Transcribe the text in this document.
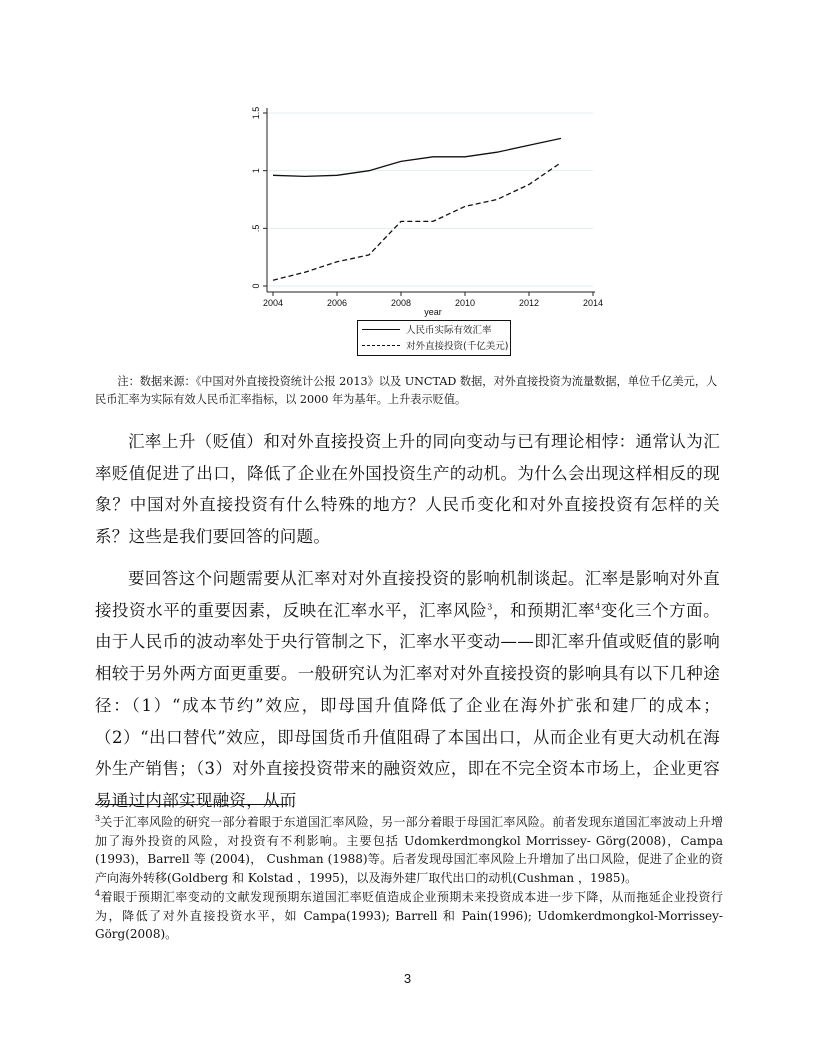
0
.5
1
1.5
2004	2006	2008	2010	2012	2014
year
人民币实际有效汇率
对外直接投资(千亿美元)
注：数据来源：《中国对外直接投资统计公报 2013》以及 UNCTAD 数据，对外直接投资为流量数据，单位千亿美元，人民币汇率为实际有效人民币汇率指标，以 2000 年为基年。上升表示贬值。
汇率上升（贬值）和对外直接投资上升的同向变动与已有理论相悖：通常认为汇率贬值促进了出口，降低了企业在外国投资生产的动机。为什么会出现这样相反的现象？中国对外直接投资有什么特殊的地方？人民币变化和对外直接投资有怎样的关系？这些是我们要回答的问题。
要回答这个问题需要从汇率对对外直接投资的影响机制谈起。汇率是影响对外直接投资水平的重要因素，反映在汇率水平，汇率风险$^3$，和预期汇率$^4$变化三个方面。由于人民币的波动率处于央行管制之下，汇率水平变动——即汇率升值或贬值的影响相较于另外两方面更重要。一般研究认为汇率对对外直接投资的影响具有以下几种途径：（1）“成本节约”效应，即母国升值降低了企业在海外扩张和建厂的成本；（2）“出口替代”效应，即母国货币升值阻碍了本国出口，从而企业有更大动机在海外生产销售；（3）对外直接投资带来的融资效应，即在不完全资本市场上，企业更容易通过内部实现融资，从而
$^3$关于汇率风险的研究一部分着眼于东道国汇率风险，另一部分着眼于母国汇率风险。前者发现东道国汇率波动上升增加了海外投资的风险，对投资有不利影响。主要包括 Udomkerdmongkol Morrissey- Görg(2008)，Campa (1993)，Barrell 等 (2004)， Cushman (1988)等。后者发现母国汇率风险上升增加了出口风险，促进了企业的资产向海外转移(Goldberg 和 Kolstad ，1995)，以及海外建厂取代出口的动机(Cushman ，1985)。
$^4$着眼于预期汇率变动的文献发现预期东道国汇率贬值造成企业预期未来投资成本进一步下降，从而拖延企业投资行为，降低了对外直接投资水平，如 Campa(1993); Barrell 和 Pain(1996); Udomkerdmongkol-Morrissey- Görg(2008)。
3
